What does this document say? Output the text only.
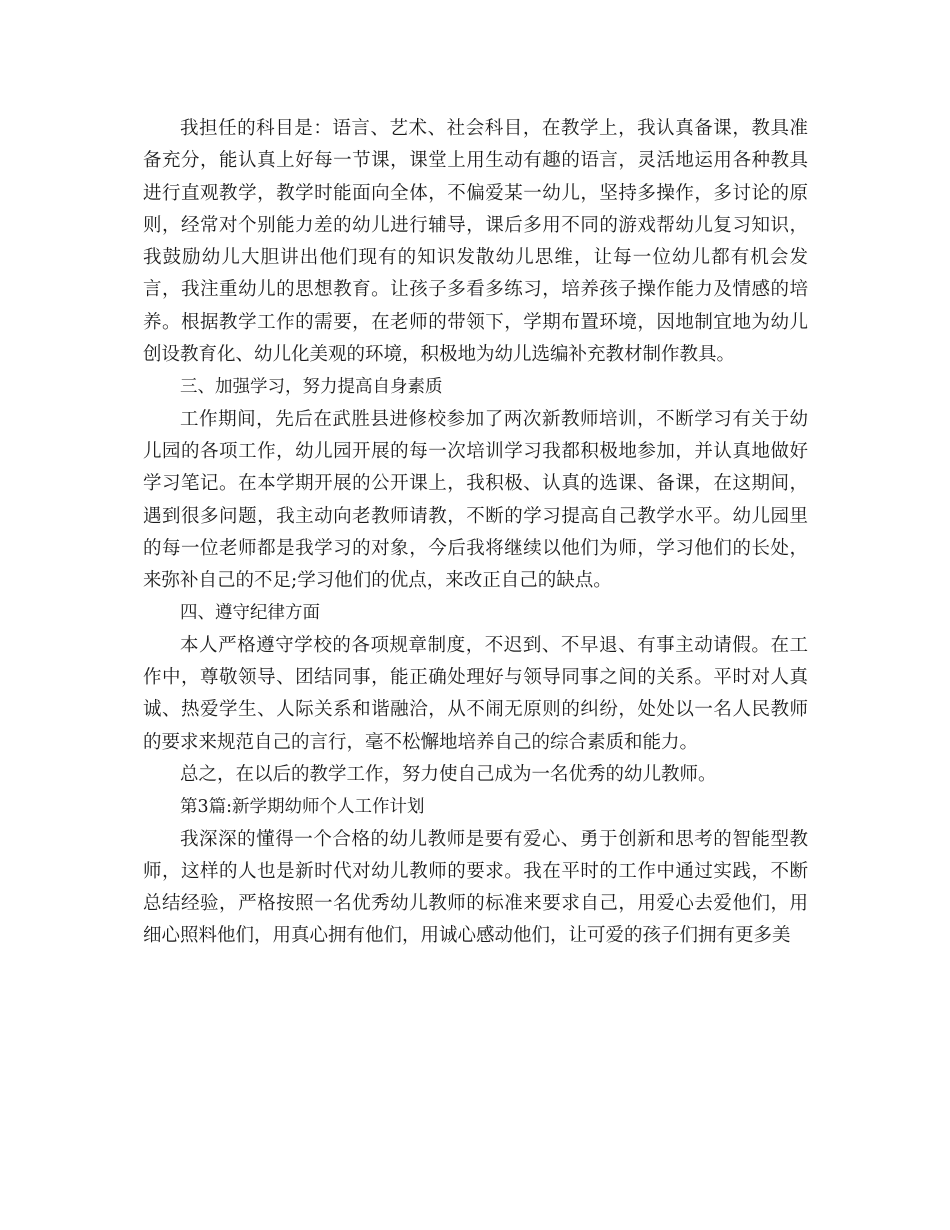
我担任的科目是：语言、艺术、社会科目，在教学上，我认真备课，教具准备充分，能认真上好每一节课，课堂上用生动有趣的语言，灵活地运用各种教具进行直观教学，教学时能面向全体，不偏爱某一幼儿，坚持多操作，多讨论的原则，经常对个别能力差的幼儿进行辅导，课后多用不同的游戏帮幼儿复习知识，我鼓励幼儿大胆讲出他们现有的知识发散幼儿思维，让每一位幼儿都有机会发言，我注重幼儿的思想教育。让孩子多看多练习，培养孩子操作能力及情感的培养。根据教学工作的需要，在老师的带领下，学期布置环境，因地制宜地为幼儿创设教育化、幼儿化美观的环境，积极地为幼儿选编补充教材制作教具。

三、加强学习，努力提高自身素质

工作期间，先后在武胜县进修校参加了两次新教师培训，不断学习有关于幼儿园的各项工作，幼儿园开展的每一次培训学习我都积极地参加，并认真地做好学习笔记。在本学期开展的公开课上，我积极、认真的选课、备课，在这期间，遇到很多问题，我主动向老教师请教，不断的学习提高自己教学水平。幼儿园里的每一位老师都是我学习的对象，今后我将继续以他们为师，学习他们的长处，来弥补自己的不足;学习他们的优点，来改正自己的缺点。

四、遵守纪律方面

本人严格遵守学校的各项规章制度，不迟到、不早退、有事主动请假。在工作中，尊敬领导、团结同事，能正确处理好与领导同事之间的关系。平时对人真诚、热爱学生、人际关系和谐融洽，从不闹无原则的纠纷，处处以一名人民教师的要求来规范自己的言行，毫不松懈地培养自己的综合素质和能力。

总之，在以后的教学工作，努力使自己成为一名优秀的幼儿教师。

第3篇:新学期幼师个人工作计划

我深深的懂得一个合格的幼儿教师是要有爱心、勇于创新和思考的智能型教师，这样的人也是新时代对幼儿教师的要求。我在平时的工作中通过实践，不断总结经验，严格按照一名优秀幼儿教师的标准来要求自己，用爱心去爱他们，用细心照料他们，用真心拥有他们，用诚心感动他们，让可爱的孩子们拥有更多美
